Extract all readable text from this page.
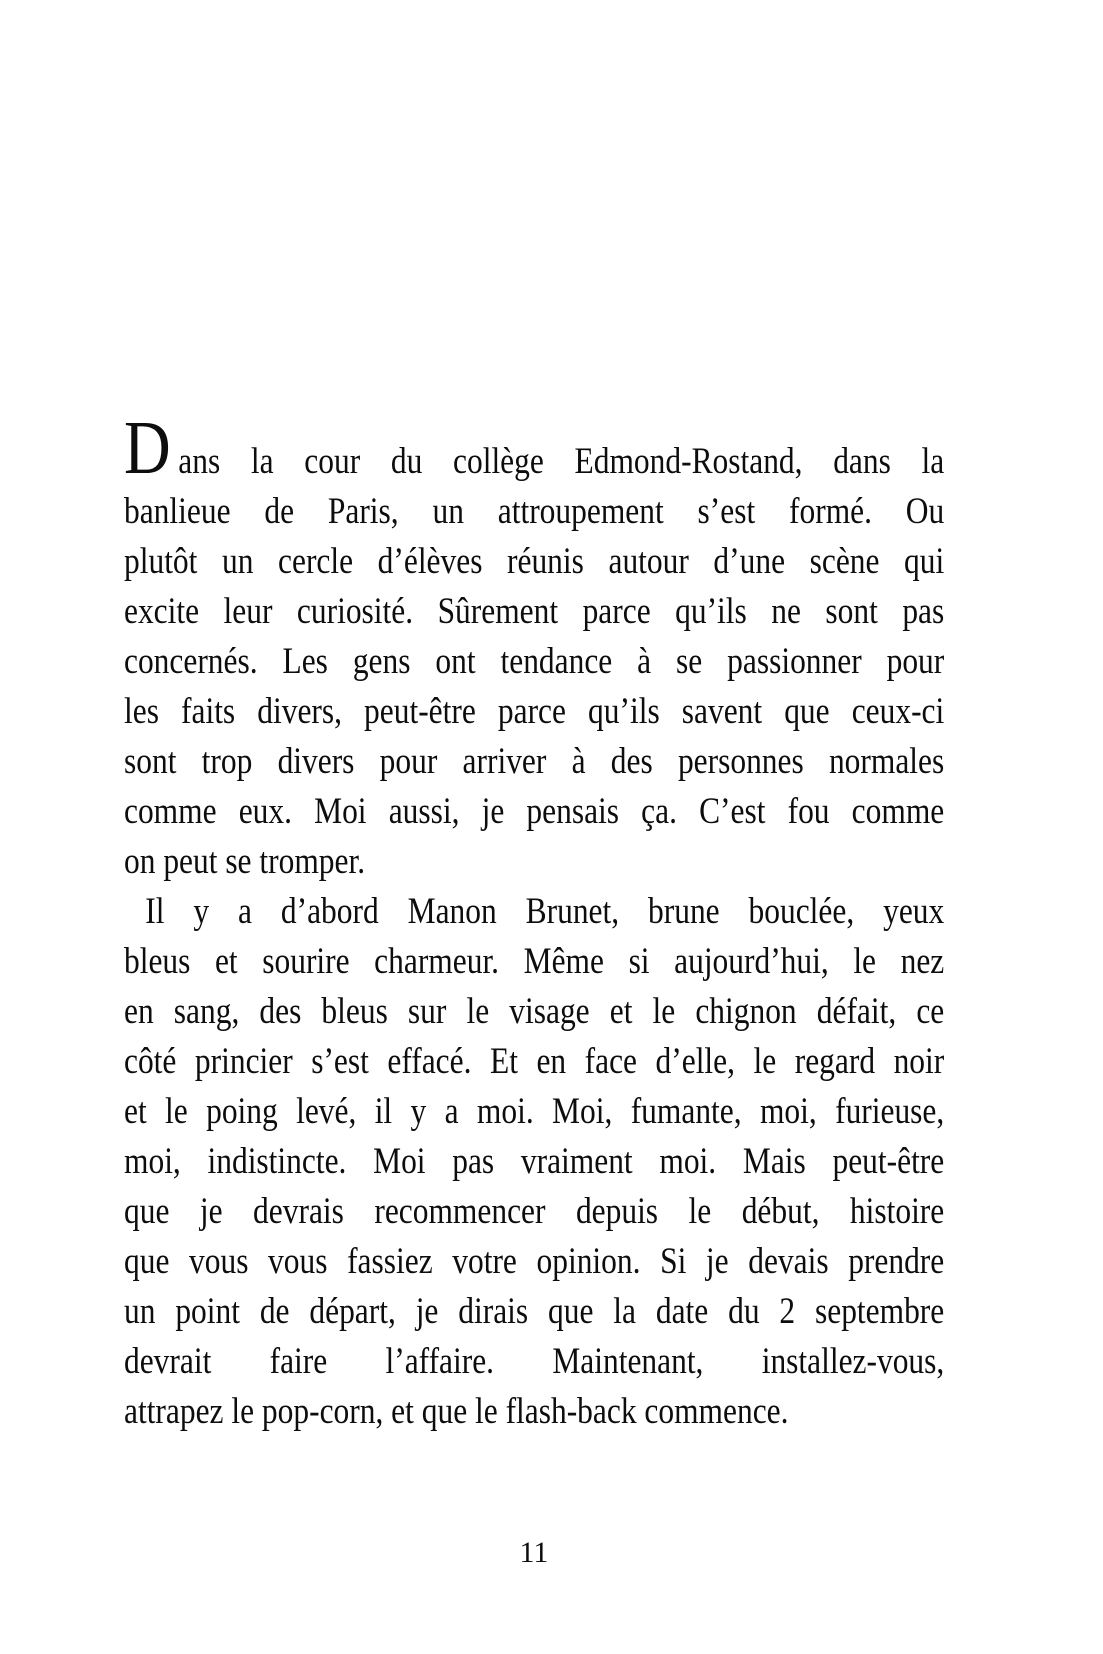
Dans la cour du collège Edmond-Rostand, dans la
banlieue de Paris, un attroupement s’est formé. Ou
plutôt un cercle d’élèves réunis autour d’une scène qui
excite leur curiosité. Sûrement parce qu’ils ne sont pas
concernés. Les gens ont tendance à se passionner pour
les faits divers, peut-être parce qu’ils savent que ceux-ci
sont trop divers pour arriver à des personnes normales
comme eux. Moi aussi, je pensais ça. C’est fou comme
on peut se tromper.
Il y a d’abord Manon Brunet, brune bouclée, yeux
bleus et sourire charmeur. Même si aujourd’hui, le nez
en sang, des bleus sur le visage et le chignon défait, ce
côté princier s’est effacé. Et en face d’elle, le regard noir
et le poing levé, il y a moi. Moi, fumante, moi, furieuse,
moi, indistincte. Moi pas vraiment moi. Mais peut-être
que je devrais recommencer depuis le début, histoire
que vous vous fassiez votre opinion. Si je devais prendre
un point de départ, je dirais que la date du 2 septembre
devrait faire l’affaire. Maintenant, installez-vous,
attrapez le pop-corn, et que le flash-back commence.
11
